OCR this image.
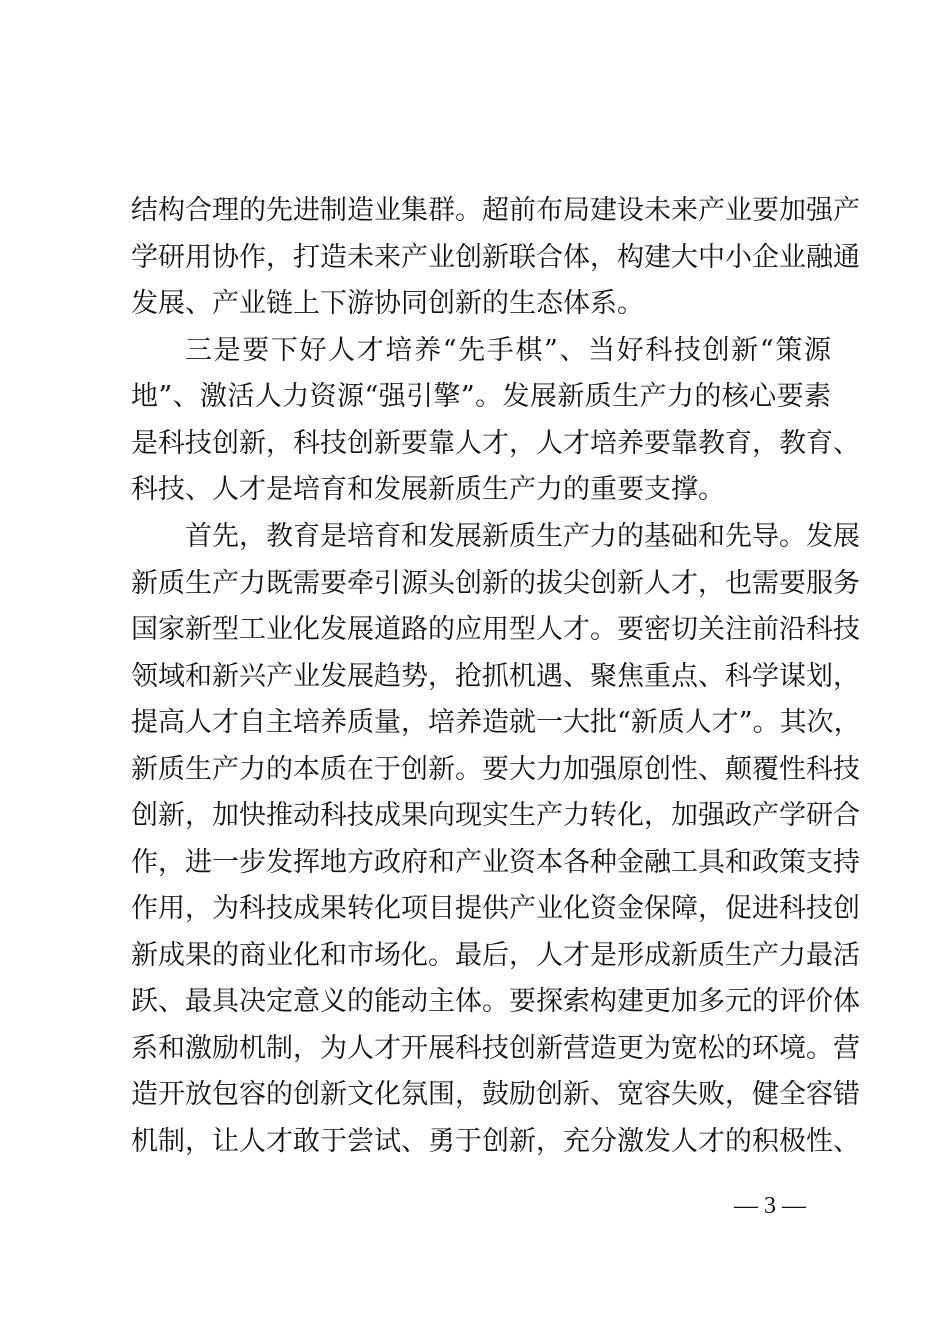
结构合理的先进制造业集群。超前布局建设未来产业要加强产
学研用协作，打造未来产业创新联合体，构建大中小企业融通
发展、产业链上下游协同创新的生态体系。
三是要下好人才培养“先手棋”、当好科技创新“策源
地”、激活人力资源“强引擎”。发展新质生产力的核心要素
是科技创新，科技创新要靠人才，人才培养要靠教育，教育、
科技、人才是培育和发展新质生产力的重要支撑。
首先，教育是培育和发展新质生产力的基础和先导。发展
新质生产力既需要牵引源头创新的拔尖创新人才，也需要服务
国家新型工业化发展道路的应用型人才。要密切关注前沿科技
领域和新兴产业发展趋势，抢抓机遇、聚焦重点、科学谋划，
提高人才自主培养质量，培养造就一大批“新质人才”。其次，
新质生产力的本质在于创新。要大力加强原创性、颠覆性科技
创新，加快推动科技成果向现实生产力转化，加强政产学研合
作，进一步发挥地方政府和产业资本各种金融工具和政策支持
作用，为科技成果转化项目提供产业化资金保障，促进科技创
新成果的商业化和市场化。最后，人才是形成新质生产力最活
跃、最具决定意义的能动主体。要探索构建更加多元的评价体
系和激励机制，为人才开展科技创新营造更为宽松的环境。营
造开放包容的创新文化氛围，鼓励创新、宽容失败，健全容错
机制，让人才敢于尝试、勇于创新，充分激发人才的积极性、
— 3 —
